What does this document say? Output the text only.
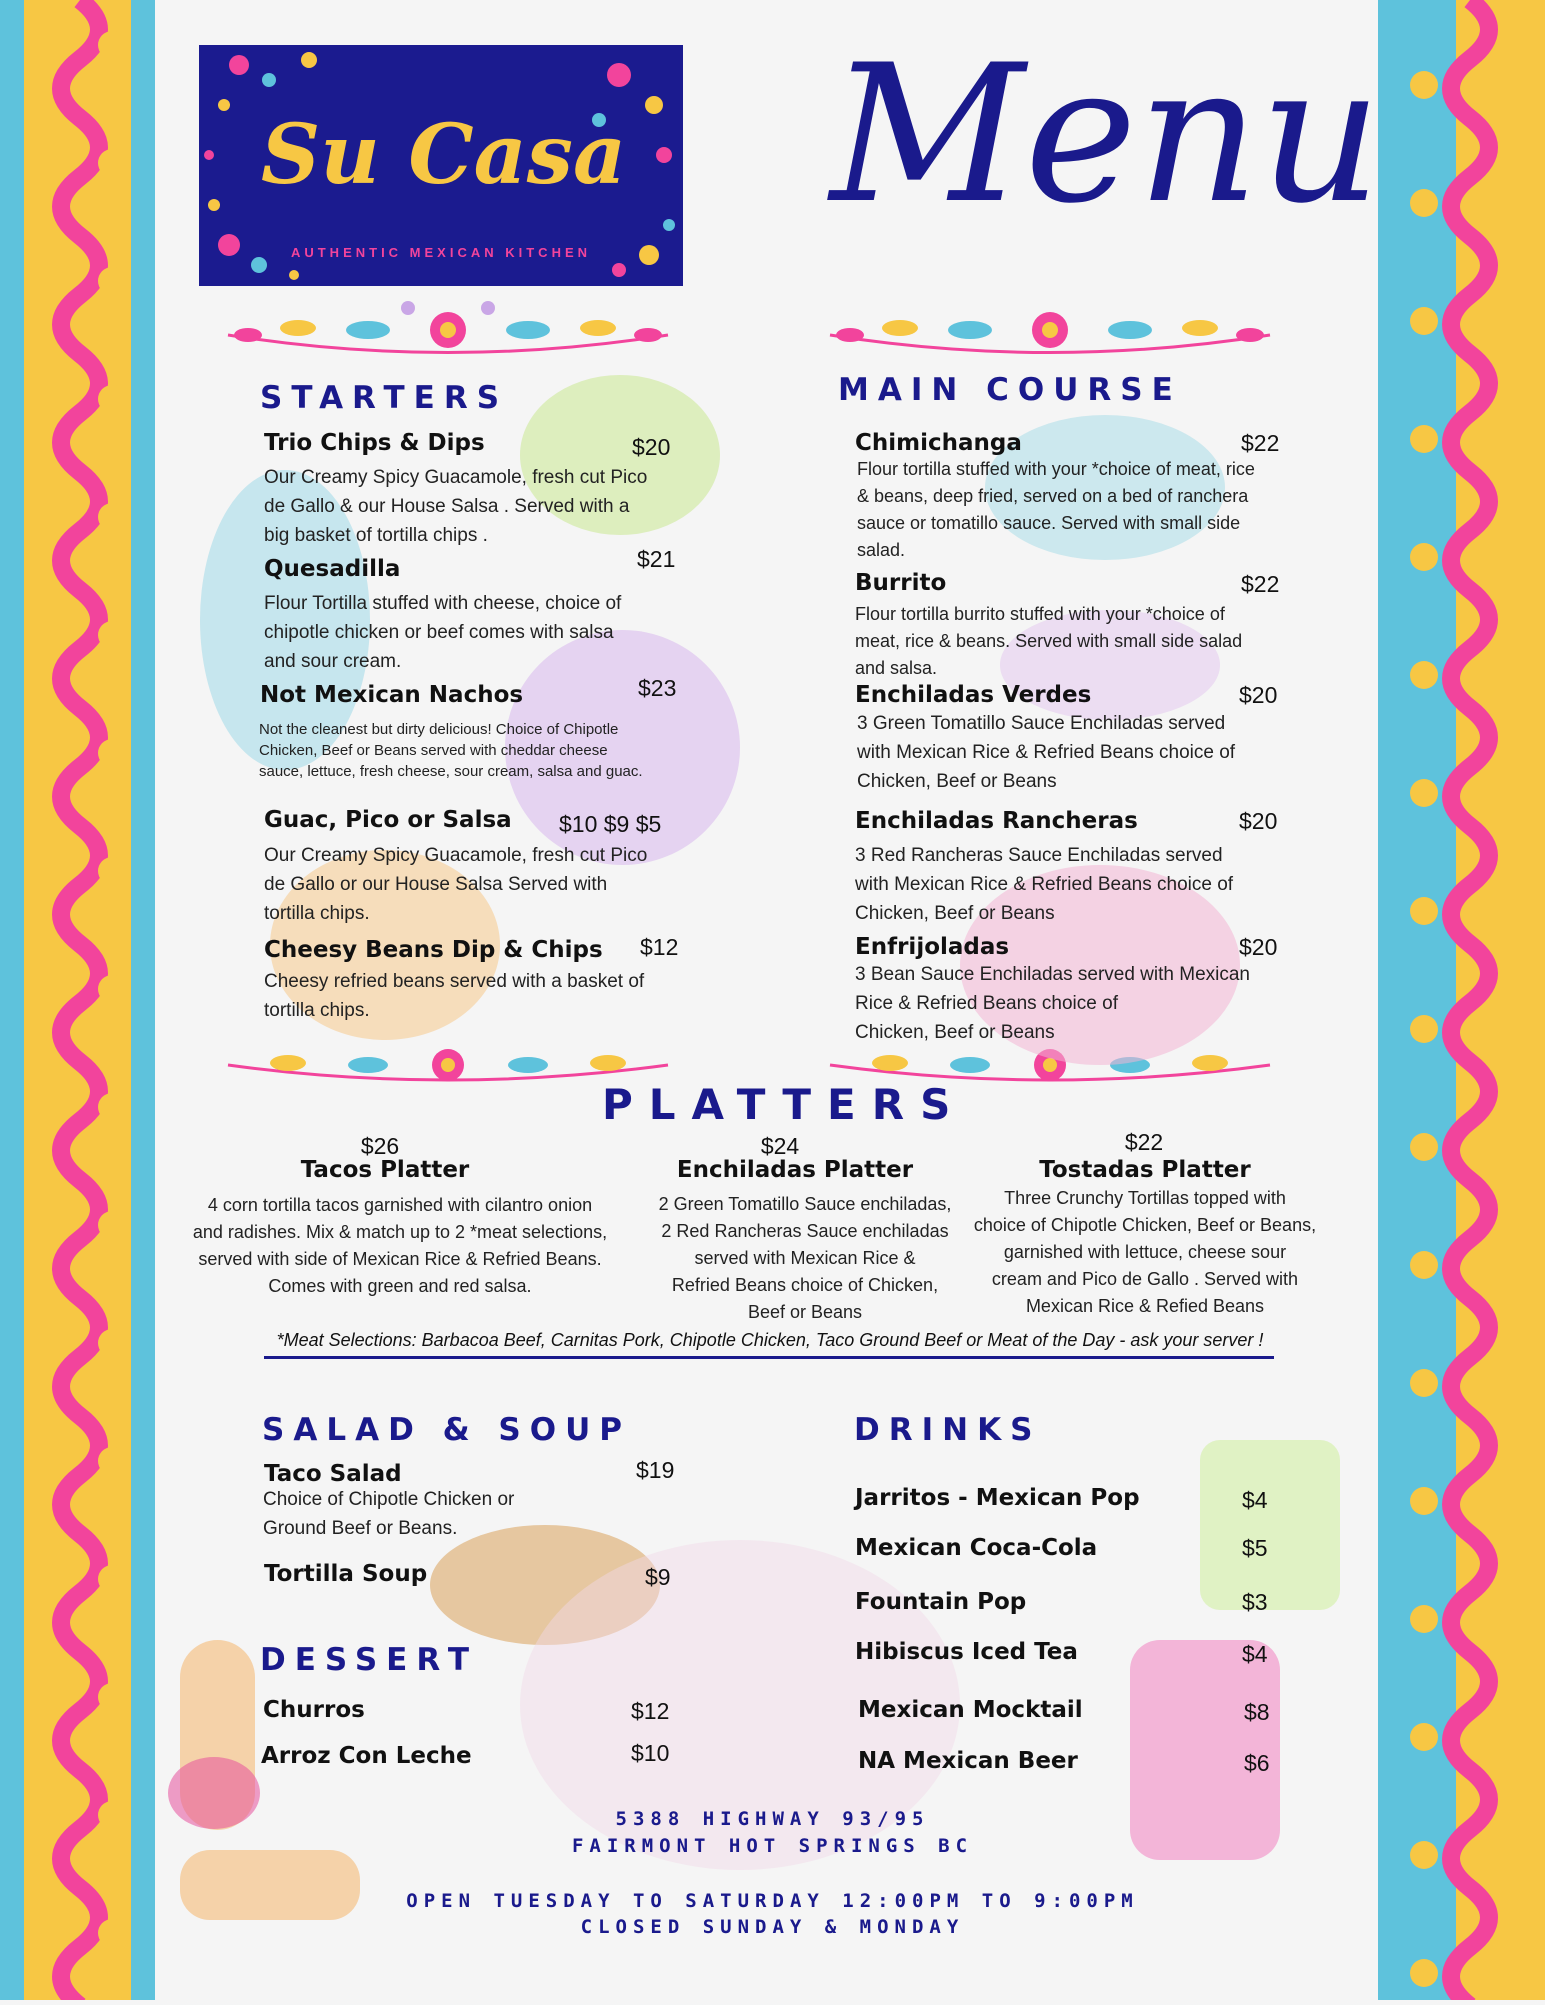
Su Casa
AUTHENTIC MEXICAN KITCHEN
Menu
STARTERS	MAIN COURSE
PLATTERS
SALAD & SOUP	DRINKS
DESSERT
Trio Chips & Dips	$20
Our Creamy Spicy Guacamole, fresh cut Pico
de Gallo & our House Salsa . Served with a
big basket of tortilla chips .
Quesadilla	$21
Flour Tortilla stuffed with cheese, choice of
chipotle chicken or beef comes with salsa
and sour cream.
Not Mexican Nachos	$23
Not the cleanest but dirty delicious! Choice of Chipotle
Chicken, Beef or Beans served with cheddar cheese
sauce, lettuce, fresh cheese, sour cream, salsa and guac.
Guac, Pico or Salsa $10 $9 $5
Our Creamy Spicy Guacamole, fresh cut Pico
de Gallo or our House Salsa Served with
tortilla chips.
Cheesy Beans Dip & Chips $12
Cheesy refried beans served with a basket of
tortilla chips.
Chimichanga	$22
Flour tortilla stuffed with your *choice of meat, rice
& beans, deep fried, served on a bed of ranchera
sauce or tomatillo sauce. Served with small side
salad.
Burrito	$22
Flour tortilla burrito stuffed with your *choice of
meat, rice & beans. Served with small side salad
and salsa.
Enchiladas Verdes	$20
3 Green Tomatillo Sauce Enchiladas served
with Mexican Rice & Refried Beans choice of
Chicken, Beef or Beans
Enchiladas Rancheras	$20
3 Red Rancheras Sauce Enchiladas served
with Mexican Rice & Refried Beans choice of
Chicken, Beef or Beans
Enfrijoladas	$20
3 Bean Sauce Enchiladas served with Mexican
Rice & Refried Beans choice of
Chicken, Beef or Beans
$26
Tacos Platter
4 corn tortilla tacos garnished with cilantro onion
and radishes. Mix & match up to 2 *meat selections,
served with side of Mexican Rice & Refried Beans.
Comes with green and red salsa.
$24
Enchiladas Platter
2 Green Tomatillo Sauce enchiladas,
2 Red Rancheras Sauce enchiladas
served with Mexican Rice &
Refried Beans choice of Chicken,
Beef or Beans
$22
Tostadas Platter
Three Crunchy Tortillas topped with
choice of Chipotle Chicken, Beef or Beans,
garnished with lettuce, cheese sour
cream and Pico de Gallo . Served with
Mexican Rice & Refied Beans
*Meat Selections: Barbacoa Beef, Carnitas Pork, Chipotle Chicken, Taco Ground Beef or Meat of the Day - ask your server !
Taco Salad	$19
Choice of Chipotle Chicken or
Ground Beef or Beans.
Tortilla Soup	$9
Churros	$12
Arroz Con Leche	$10
Jarritos - Mexican Pop	$4
Mexican Coca-Cola	$5
Fountain Pop	$3
Hibiscus Iced Tea	$4
Mexican Mocktail	$8
NA Mexican Beer	$6
5388 HIGHWAY 93/95
FAIRMONT HOT SPRINGS BC
OPEN TUESDAY TO SATURDAY 12:00PM TO 9:00PM
CLOSED SUNDAY & MONDAY
